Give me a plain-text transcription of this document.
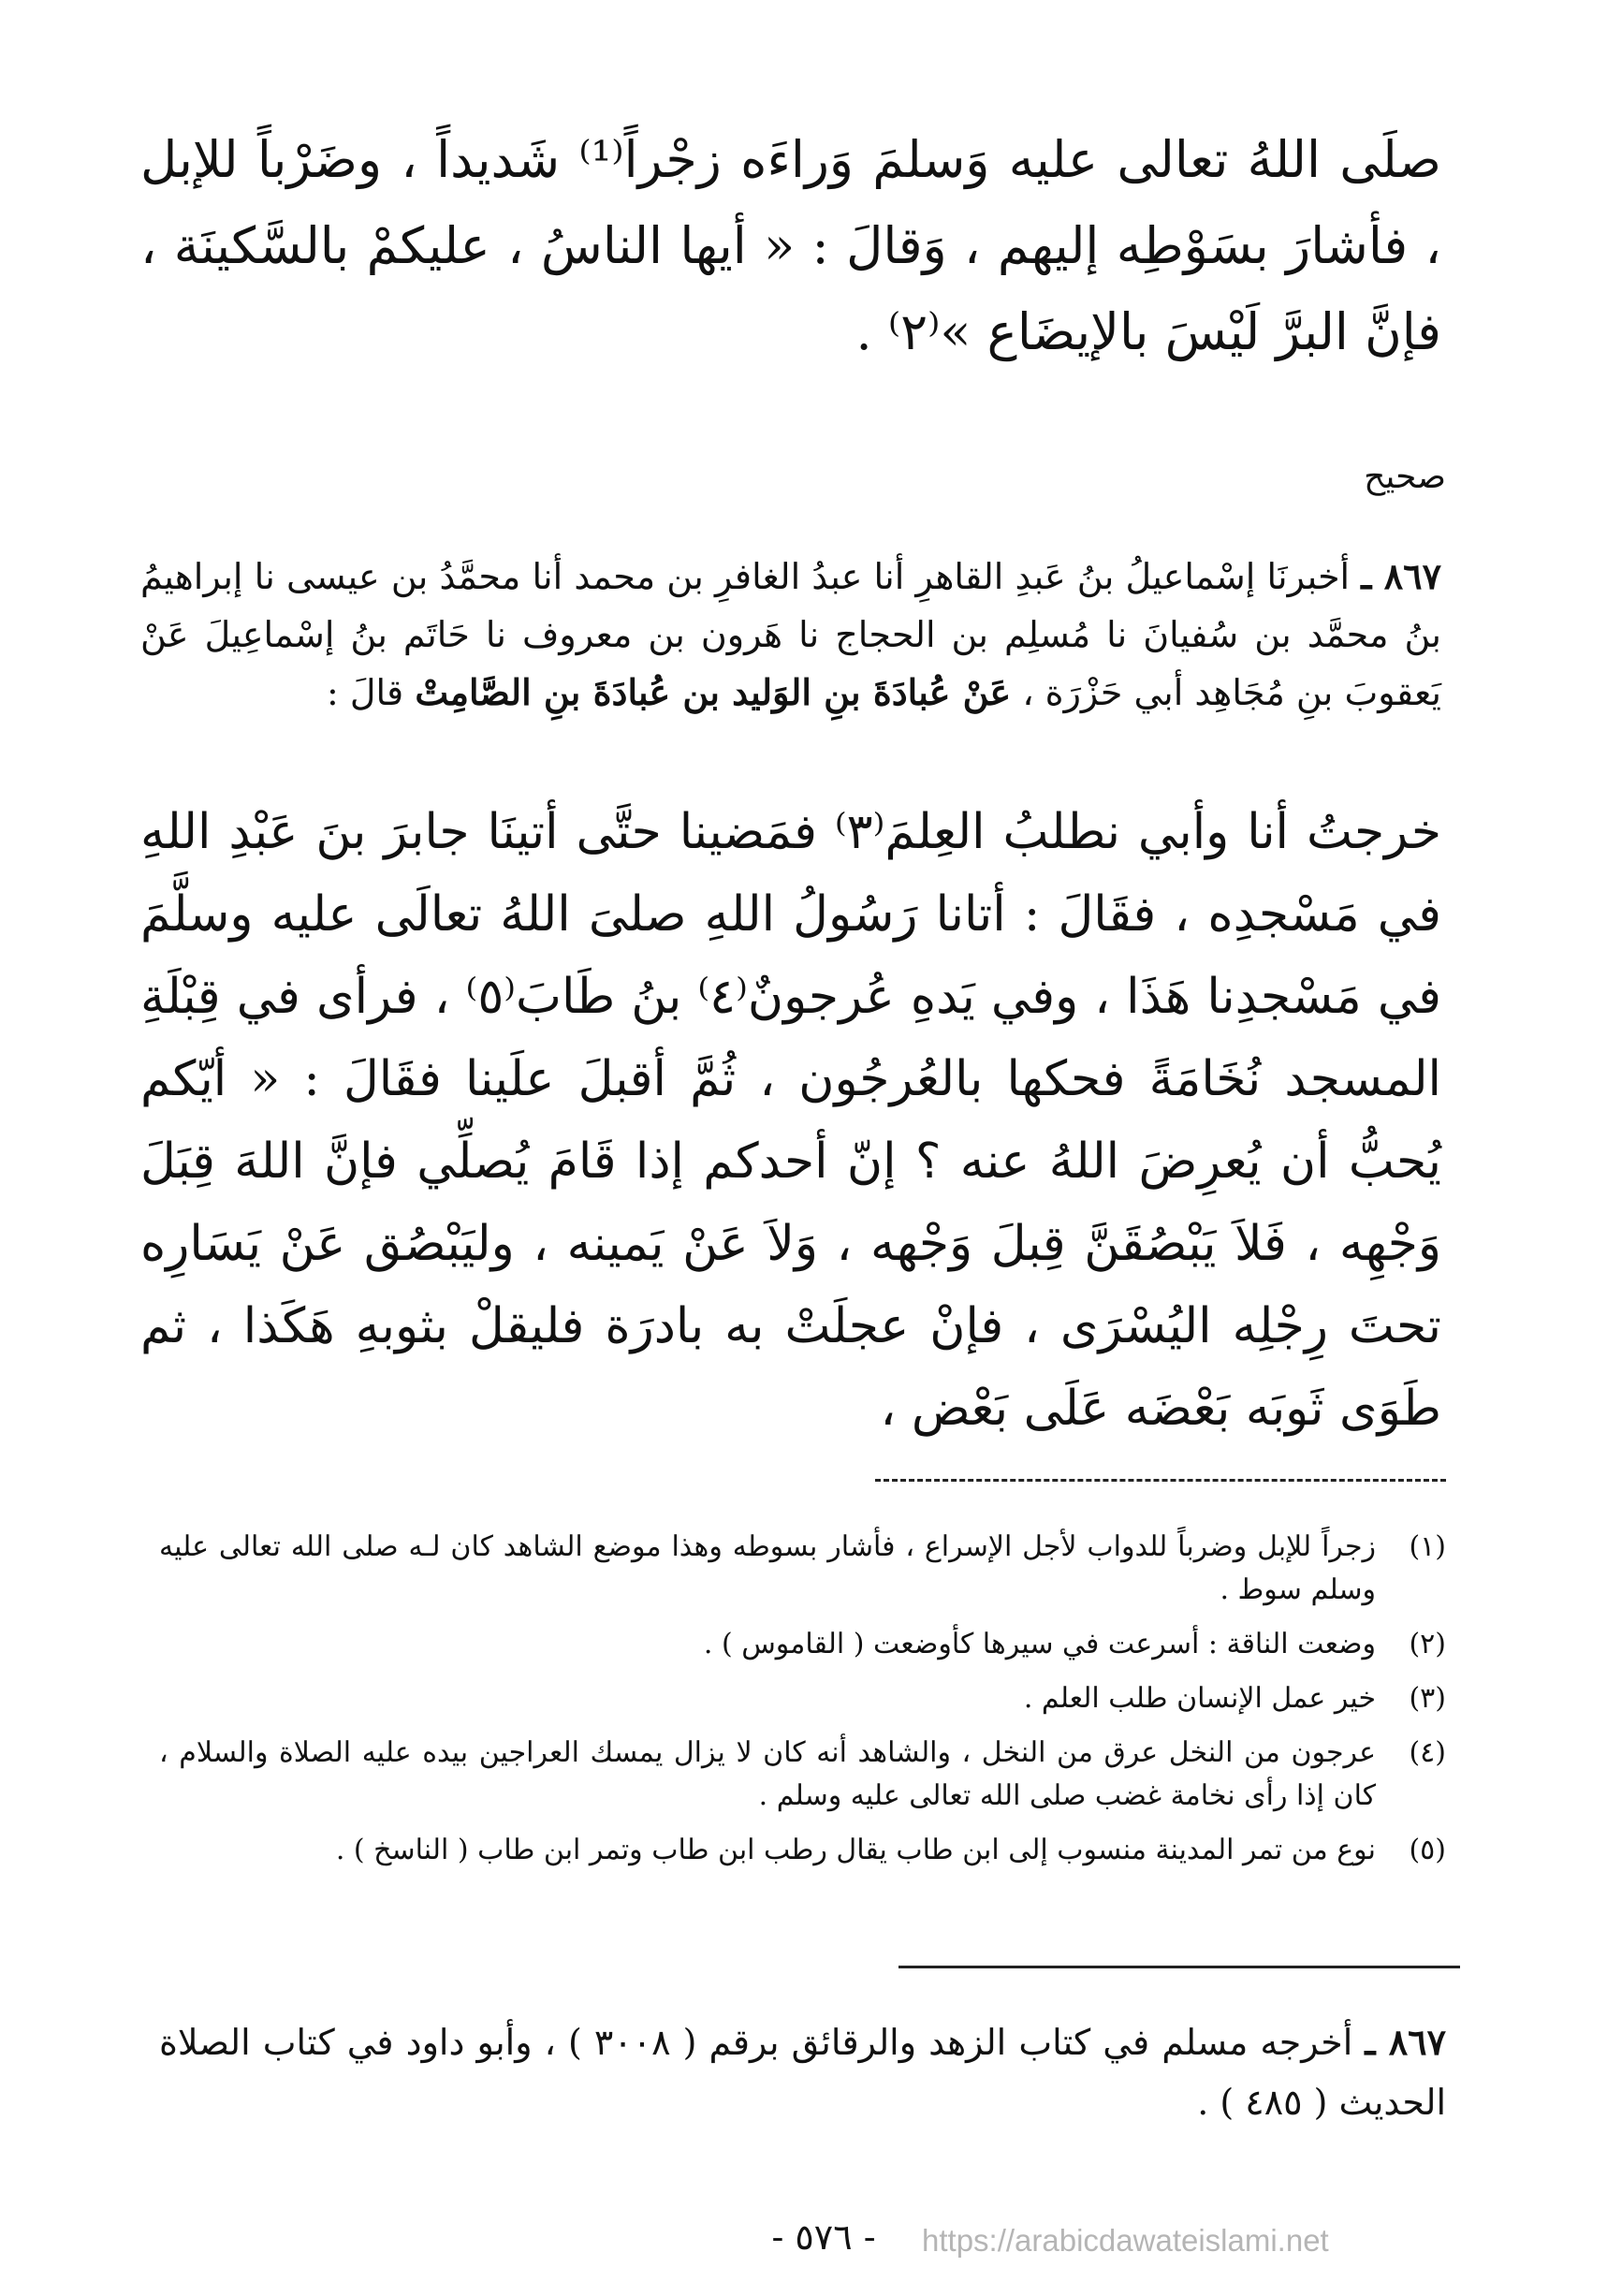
صلَى اللهُ تعالى عليه وَسلمَ وَراءَه زجْراً⁽¹⁾ شَديداً ، وضَرْباً للإبل ، فأشارَ بسَوْطِه إليهم ، وَقالَ : « أيها الناسُ ، عليكمْ بالسَّكينَة ، فإنَّ البرَّ لَيْسَ بالإيضَاع »⁽٢⁾ .

صحيح

٨٦٧ ـ أخبرنَا إسْماعيلُ بنُ عَبدِ القاهرِ أنا عبدُ الغافرِ بن محمد أنا محمَّدُ بن عيسى نا إبراهيمُ بنُ محمَّد بن سُفيانَ نا مُسلِم بن الحجاج نا هَرون بن معروف نا حَاتَم بنُ إسْماعِيلَ عَنْ يَعقوبَ بنِ مُجَاهِد أبي حَزْرَة ، عَنْ عُبادَةَ بنِ الوَليد بن عُبادَةَ بنِ الصَّامِتْ قالَ :

خرجتُ أنا وأبي نطلبُ العِلمَ⁽٣⁾ فمَضينا حتَّى أتينَا جابرَ بنَ عَبْدِ اللهِ في مَسْجدِه ، فقَالَ : أتانا رَسُولُ اللهِ صلىَ اللهُ تعالَى عليه وسلَّمَ في مَسْجدِنا هَذَا ، وفي يَدهِ عُرجونٌ⁽٤⁾ بنُ طَابَ⁽٥⁾ ، فرأى في قِبْلَةِ المسجد نُخَامَةً فحكها بالعُرجُون ، ثُمَّ أقبلَ علَينا فقَالَ : « أيّكم يُحبُّ أن يُعرِضَ اللهُ عنه ؟ إنّ أحدكم إذا قَامَ يُصلِّي فإنَّ اللهَ قِبَلَ وَجْهِه ، فَلاَ يَبْصُقَنَّ قِبلَ وَجْهه ، وَلاَ عَنْ يَمينه ، وليَبْصُق عَنْ يَسَارِه تحتَ رِجْلِه اليُسْرَى ، فإنْ عجلَتْ به بادرَة فليقلْ بثوبهِ هَكَذا ، ثم طَوَى ثَوبَه بَعْضَه عَلَى بَعْض ،

(١)
زجراً للإبل وضرباً للدواب لأجل الإسراع ، فأشار بسوطه وهذا موضع الشاهد كان لـه صلى الله تعالى عليه وسلم سوط .
(٢)
وضعت الناقة : أسرعت في سيرها كأوضعت ( القاموس ) .
(٣)
خير عمل الإنسان طلب العلم .
(٤)
عرجون من النخل عرق من النخل ، والشاهد أنه كان لا يزال يمسك العراجين بيده عليه الصلاة والسلام ، كان إذا رأى نخامة غضب صلى الله تعالى عليه وسلم .
(٥)
نوع من تمر المدينة منسوب إلى ابن طاب يقال رطب ابن طاب وتمر ابن طاب ( الناسخ ) .

٨٦٧ ـ أخرجه مسلم في كتاب الزهد والرقائق برقم ( ٣٠٠٨ ) ، وأبو داود في كتاب الصلاة الحديث ( ٤٨٥ ) .

- ٥٧٦ -	https://arabicdawateislami.net
